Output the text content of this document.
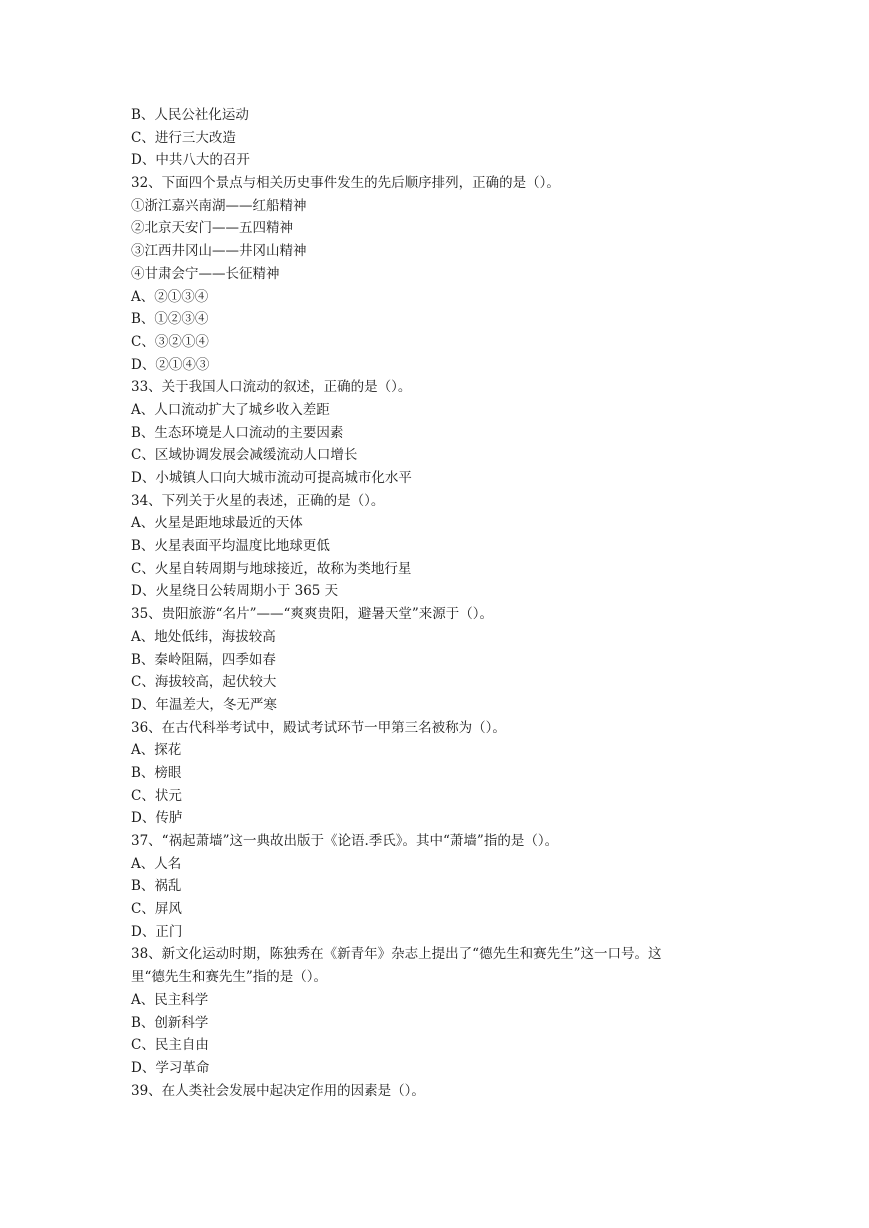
B、人民公社化运动
C、进行三大改造
D、中共八大的召开
32、下面四个景点与相关历史事件发生的先后顺序排列，正确的是（）。
①浙江嘉兴南湖——红船精神
②北京天安门——五四精神
③江西井冈山——井冈山精神
④甘肃会宁——长征精神
A、②①③④
B、①②③④
C、③②①④
D、②①④③
33、关于我国人口流动的叙述，正确的是（）。
A、人口流动扩大了城乡收入差距
B、生态环境是人口流动的主要因素
C、区域协调发展会减缓流动人口增长
D、小城镇人口向大城市流动可提高城市化水平
34、下列关于火星的表述，正确的是（）。
A、火星是距地球最近的天体
B、火星表面平均温度比地球更低
C、火星自转周期与地球接近，故称为类地行星
D、火星绕日公转周期小于 365 天
35、贵阳旅游“名片”——“爽爽贵阳，避暑天堂”来源于（）。
A、地处低纬，海拔较高
B、秦岭阻隔，四季如春
C、海拔较高，起伏较大
D、年温差大，冬无严寒
36、在古代科举考试中，殿试考试环节一甲第三名被称为（）。
A、探花
B、榜眼
C、状元
D、传胪
37、“祸起萧墙”这一典故出版于《论语.季氏》。其中“萧墙”指的是（）。
A、人名
B、祸乱
C、屏风
D、正门
38、新文化运动时期，陈独秀在《新青年》杂志上提出了“德先生和赛先生”这一口号。这
里“德先生和赛先生”指的是（）。
A、民主科学
B、创新科学
C、民主自由
D、学习革命
39、在人类社会发展中起决定作用的因素是（）。
